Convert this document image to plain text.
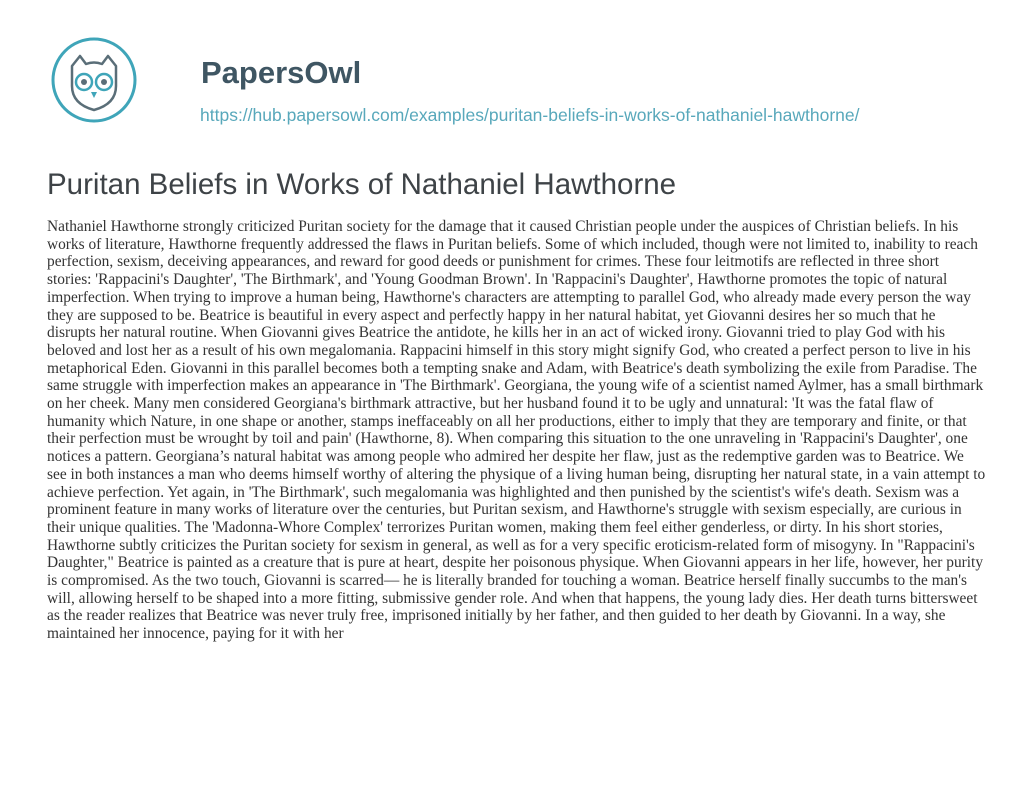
PapersOwl
https://hub.papersowl.com/examples/puritan-beliefs-in-works-of-nathaniel-hawthorne/
Puritan Beliefs in Works of Nathaniel Hawthorne

Nathaniel Hawthorne strongly criticized Puritan society for the damage that it caused Christian people under the auspices of Christian beliefs. In his works of literature, Hawthorne frequently addressed the flaws in Puritan beliefs. Some of which included, though were not limited to, inability to reach perfection, sexism, deceiving appearances, and reward for good deeds or punishment for crimes. These four leitmotifs are reflected in three short stories: 'Rappacini's Daughter', 'The Birthmark', and 'Young Goodman Brown'. In 'Rappacini's Daughter', Hawthorne promotes the topic of natural imperfection. When trying to improve a human being, Hawthorne's characters are attempting to parallel God, who already made every person the way they are supposed to be. Beatrice is beautiful in every aspect and perfectly happy in her natural habitat, yet Giovanni desires her so much that he disrupts her natural routine. When Giovanni gives Beatrice the antidote, he kills her in an act of wicked irony. Giovanni tried to play God with his beloved and lost her as a result of his own megalomania. Rappacini himself in this story might signify God, who created a perfect person to live in his metaphorical Eden. Giovanni in this parallel becomes both a tempting snake and Adam, with Beatrice's death symbolizing the exile from Paradise. The same struggle with imperfection makes an appearance in 'The Birthmark'. Georgiana, the young wife of a scientist named Aylmer, has a small birthmark on her cheek. Many men considered Georgiana's birthmark attractive, but her husband found it to be ugly and unnatural: 'It was the fatal flaw of humanity which Nature, in one shape or another, stamps ineffaceably on all her productions, either to imply that they are temporary and finite, or that their perfection must be wrought by toil and pain' (Hawthorne, 8). When comparing this situation to the one unraveling in 'Rappacini's Daughter', one notices a pattern. Georgiana’s natural habitat was among people who admired her despite her flaw, just as the redemptive garden was to Beatrice. We see in both instances a man who deems himself worthy of altering the physique of a living human being, disrupting her natural state, in a vain attempt to achieve perfection. Yet again, in 'The Birthmark', such megalomania was highlighted and then punished by the scientist's wife's death. Sexism was a prominent feature in many works of literature over the centuries, but Puritan sexism, and Hawthorne's struggle with sexism especially, are curious in their unique qualities. The 'Madonna-Whore Complex' terrorizes Puritan women, making them feel either genderless, or dirty. In his short stories, Hawthorne subtly criticizes the Puritan society for sexism in general, as well as for a very specific eroticism-related form of misogyny. In "Rappacini's Daughter," Beatrice is painted as a creature that is pure at heart, despite her poisonous physique. When Giovanni appears in her life, however, her purity is compromised. As the two touch, Giovanni is scarred— he is literally branded for touching a woman. Beatrice herself finally succumbs to the man's will, allowing herself to be shaped into a more fitting, submissive gender role. And when that happens, the young lady dies. Her death turns bittersweet as the reader realizes that Beatrice was never truly free, imprisoned initially by her father, and then guided to her death by Giovanni. In a way, she maintained her innocence, paying for it with her
